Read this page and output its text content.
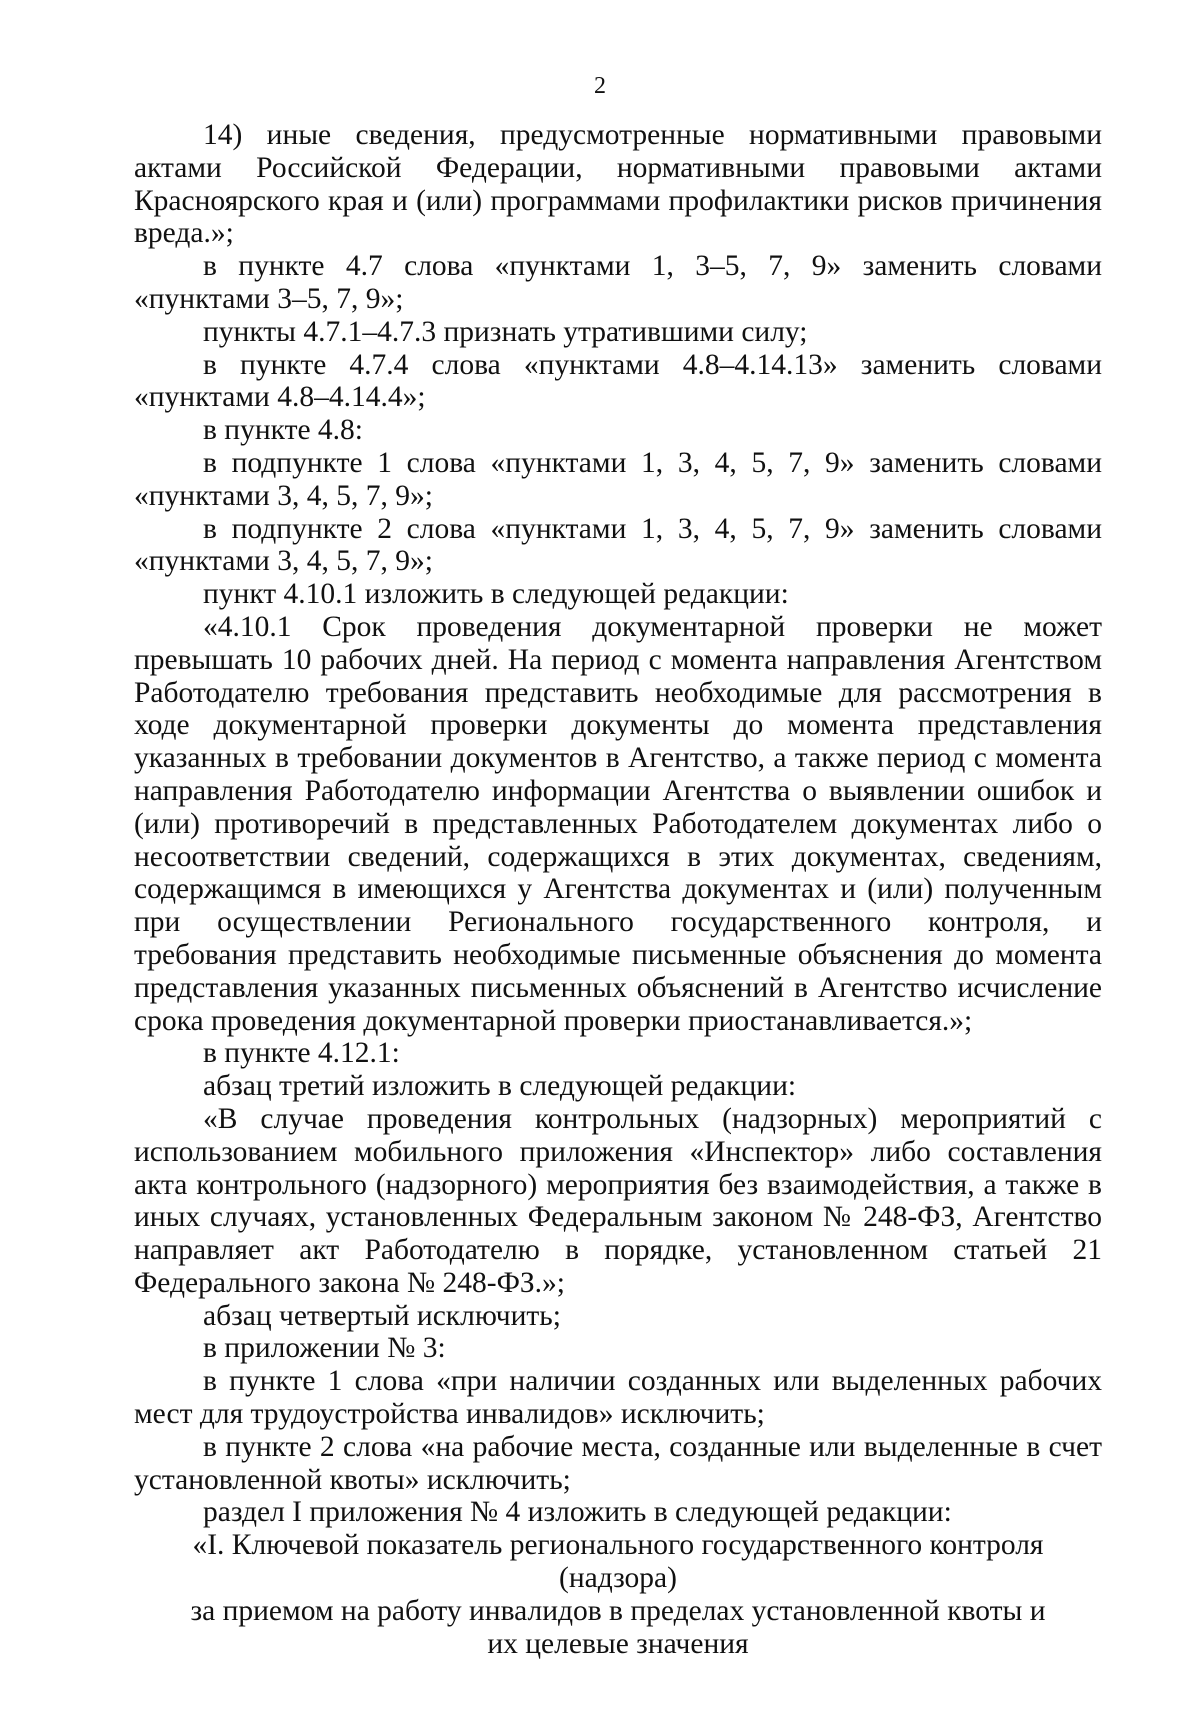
2

14) иные сведения, предусмотренные нормативными правовыми актами Российской Федерации, нормативными правовыми актами Красноярского края и (или) программами профилактики рисков причинения вреда.»;

в пункте 4.7 слова «пунктами 1, 3–5, 7, 9» заменить словами «пунктами 3–5, 7, 9»;

пункты 4.7.1–4.7.3 признать утратившими силу;

в пункте 4.7.4 слова «пунктами 4.8–4.14.13» заменить словами «пунктами 4.8–4.14.4»;

в пункте 4.8:

в подпункте 1 слова «пунктами 1, 3, 4, 5, 7, 9» заменить словами «пунктами 3, 4, 5, 7, 9»;

в подпункте 2 слова «пунктами 1, 3, 4, 5, 7, 9» заменить словами «пунктами 3, 4, 5, 7, 9»;

пункт 4.10.1 изложить в следующей редакции:

«4.10.1 Срок проведения документарной проверки не может превышать 10 рабочих дней. На период с момента направления Агентством Работодателю требования представить необходимые для рассмотрения в ходе документарной проверки документы до момента представления указанных в требовании документов в Агентство, а также период с момента направления Работодателю информации Агентства о выявлении ошибок и (или) противоречий в представленных Работодателем документах либо о несоответствии сведений, содержащихся в этих документах, сведениям, содержащимся в имеющихся у Агентства документах и (или) полученным при осуществлении Регионального государственного контроля, и требования представить необходимые письменные объяснения до момента представления указанных письменных объяснений в Агентство исчисление срока проведения документарной проверки приостанавливается.»;

в пункте 4.12.1:

абзац третий изложить в следующей редакции:

«В случае проведения контрольных (надзорных) мероприятий с использованием мобильного приложения «Инспектор» либо составления акта контрольного (надзорного) мероприятия без взаимодействия, а также в иных случаях, установленных Федеральным законом № 248-ФЗ, Агентство направляет акт Работодателю в порядке, установленном статьей 21 Федерального закона № 248-ФЗ.»;

абзац четвертый исключить;

в приложении № 3:

в пункте 1 слова «при наличии созданных или выделенных рабочих мест для трудоустройства инвалидов» исключить;

в пункте 2 слова «на рабочие места, созданные или выделенные в счет установленной квоты» исключить;

раздел I приложения № 4 изложить в следующей редакции:

«I. Ключевой показатель регионального государственного контроля (надзора)

за приемом на работу инвалидов в пределах установленной квоты и

их целевые значения
